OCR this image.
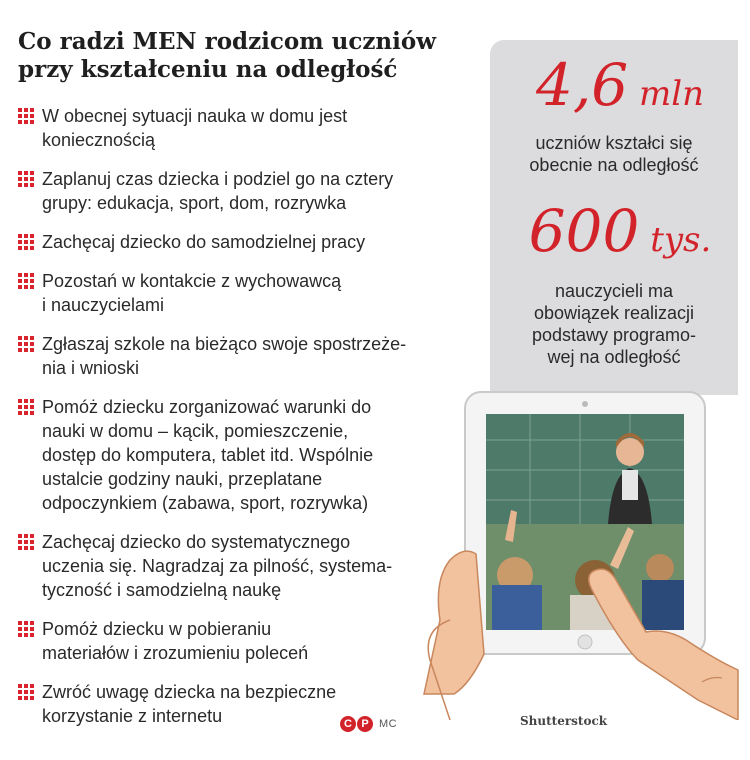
Co radzi MEN rodzicom uczniów
przy kształceniu na odległość
W obecnej sytuacji nauka w domu jest
koniecznością
Zaplanuj czas dziecka i podziel go na cztery
grupy: edukacja, sport, dom, rozrywka
Zachęcaj dziecko do samodzielnej pracy
Pozostań w kontakcie z wychowawcą
i nauczycielami
Zgłaszaj szkole na bieżąco swoje spostrzeże-
nia i wnioski
Pomóż dziecku zorganizować warunki do
nauki w domu – kącik, pomieszczenie,
dostęp do komputera, tablet itd. Wspólnie
ustalcie godziny nauki, przeplatane
odpoczynkiem (zabawa, sport, rozrywka)
Zachęcaj dziecko do systematycznego
uczenia się. Nagradzaj za pilność, systema-
tyczność i samodzielną naukę
Pomóż dziecku w pobieraniu
materiałów i zrozumieniu poleceń
Zwróć uwagę dziecka na bezpieczne
korzystanie z internetu
4,6 mln
uczniów kształci się
obecnie na odległość
600 tys.
nauczycieli ma
obowiązek realizacji
podstawy programo-
wej na odległość
C P MC	Shutterstock
